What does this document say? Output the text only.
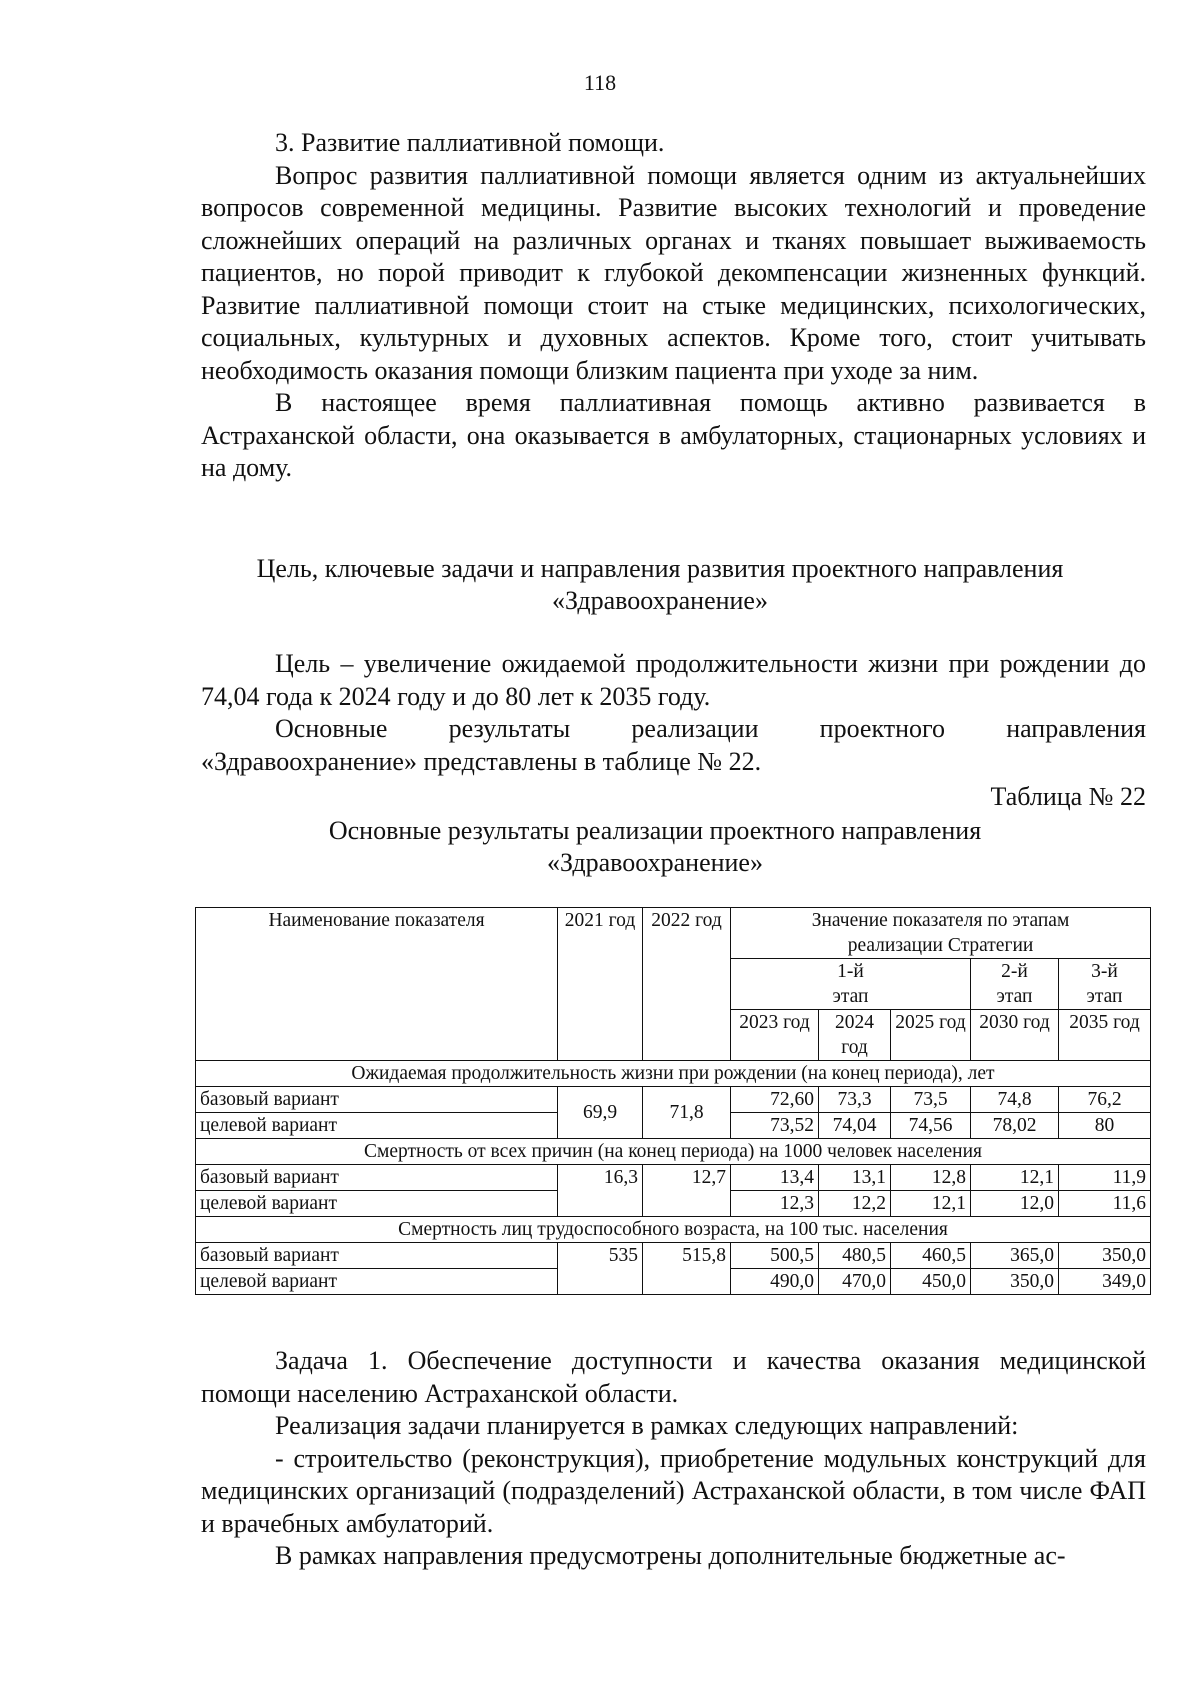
118

3. Развитие паллиативной помощи.

Вопрос развития паллиативной помощи является одним из актуальнейших вопросов современной медицины. Развитие высоких технологий и проведение сложнейших операций на различных органах и тканях повышает выживаемость пациентов, но порой приводит к глубокой декомпенсации жизненных функций. Развитие паллиативной помощи стоит на стыке медицинских, психологических, социальных, культурных и духовных аспектов. Кроме того, стоит учитывать необходимость оказания помощи близким пациента при уходе за ним.

В настоящее время паллиативная помощь активно развивается в Астраханской области, она оказывается в амбулаторных, стационарных условиях и на дому.

Цель, ключевые задачи и направления развития проектного направления
«Здравоохранение»

Цель – увеличение ожидаемой продолжительности жизни при рождении до 74,04 года к 2024 году и до 80 лет к 2035 году.

Основные результаты реализации проектного направления «Здравоохранение» представлены в таблице № 22.

Таблица № 22
Основные результаты реализации проектного направления
«Здравоохранение»
Наименование показателя	2021 год	2022 год	Значение показателя по этапам реализации Стратегии				
			1-й этап			2-й этап	3-й этап
			2023 год	2024 год	2025 год	2030 год	2035 год
Ожидаемая продолжительность жизни при рождении (на конец периода), лет							
базовый вариант	69,9	71,8	72,60	73,3	73,5	74,8	76,2
целевой вариант			73,52	74,04	74,56	78,02	80
Смертность от всех причин (на конец периода) на 1000 человек населения							
базовый вариант	16,3	12,7	13,4	13,1	12,8	12,1	11,9
целевой вариант			12,3	12,2	12,1	12,0	11,6
Смертность лиц трудоспособного возраста, на 100 тыс. населения							
базовый вариант	535	515,8	500,5	480,5	460,5	365,0	350,0
целевой вариант			490,0	470,0	450,0	350,0	349,0

Задача 1. Обеспечение доступности и качества оказания медицинской помощи населению Астраханской области.

Реализация задачи планируется в рамках следующих направлений:

- строительство (реконструкция), приобретение модульных конструкций для медицинских организаций (подразделений) Астраханской области, в том числе ФАП и врачебных амбулаторий.

В рамках направления предусмотрены дополнительные бюджетные ас-
